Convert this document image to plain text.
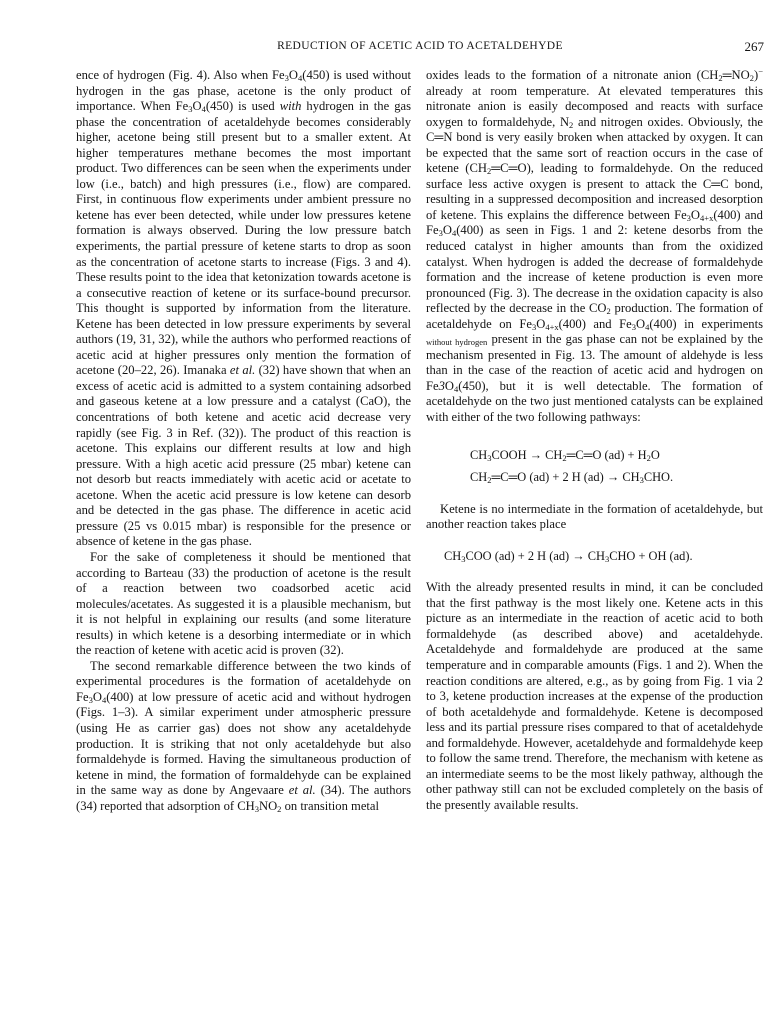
REDUCTION OF ACETIC ACID TO ACETALDEHYDE	267

ence of hydrogen (Fig. 4). Also when $Fe_3O_4(450)$ is used without hydrogen in the gas phase, acetone is the only product of importance. When $Fe_3O_4(450)$ is used with hydrogen in the gas phase the concentration of acetaldehyde becomes considerably higher, acetone being still present but to a smaller extent. At higher temperatures methane becomes the most important product. Two differences can be seen when the experiments under low (i.e., batch) and high pressures (i.e., flow) are compared. First, in continuous flow experiments under ambient pressure no ketene has ever been detected, while under low pressures ketene formation is always observed. During the low pressure batch experiments, the partial pressure of ketene starts to drop as soon as the concentration of acetone starts to increase (Figs. 3 and 4). These results point to the idea that ketonization towards acetone is a consecutive reaction of ketene or its surface-bound precursor. This thought is supported by information from the literature. Ketene has been detected in low pressure experiments by several authors (19, 31, 32), while the authors who performed reactions of acetic acid at higher pressures only mention the formation of acetone (20–22, 26). Imanaka et al. (32) have shown that when an excess of acetic acid is admitted to a system containing adsorbed and gaseous ketene at a low pressure and a catalyst (CaO), the concentrations of both ketene and acetic acid decrease very rapidly (see Fig. 3 in Ref. (32)). The product of this reaction is acetone. This explains our different results at low and high pressure. With a high acetic acid pressure (25 mbar) ketene can not desorb but reacts immediately with acetic acid or acetate to acetone. When the acetic acid pressure is low ketene can desorb and be detected in the gas phase. The difference in acetic acid pressure (25 vs 0.015 mbar) is responsible for the presence or absence of ketene in the gas phase.

For the sake of completeness it should be mentioned that according to Barteau (33) the production of acetone is the result of a reaction between two coadsorbed acetic acid molecules/acetates. As suggested it is a plausible mechanism, but it is not helpful in explaining our results (and some literature results) in which ketene is a desorbing intermediate or in which the reaction of ketene with acetic acid is proven (32).

The second remarkable difference between the two kinds of experimental procedures is the formation of acetaldehyde on $Fe_3O_4(400)$ at low pressure of acetic acid and without hydrogen (Figs. 1–3). A similar experiment under atmospheric pressure (using He as carrier gas) does not show any acetaldehyde production. It is striking that not only acetaldehyde but also formaldehyde is formed. Having the simultaneous production of ketene in mind, the formation of formaldehyde can be explained in the same way as done by Angevaare et al. (34). The authors (34) reported that adsorption of $CH_3NO_2$ on transition metal

oxides leads to the formation of a nitronate anion $(CH_2═NO_2)^-$ already at room temperature. At elevated temperatures this nitronate anion is easily decomposed and reacts with surface oxygen to formaldehyde, $N_2$ and nitrogen oxides. Obviously, the C═N bond is very easily broken when attacked by oxygen. It can be expected that the same sort of reaction occurs in the case of ketene $(CH_2═C═O)$, leading to formaldehyde. On the reduced surface less active oxygen is present to attack the C═C bond, resulting in a suppressed decomposition and increased desorption of ketene. This explains the difference between $Fe_3O_{4+x}(400)$ and $Fe_3O_4(400)$ as seen in Figs. 1 and 2: ketene desorbs from the reduced catalyst in higher amounts than from the oxidized catalyst. When hydrogen is added the decrease of formaldehyde formation and the increase of ketene production is even more pronounced (Fig. 3). The decrease in the oxidation capacity is also reflected by the decrease in the $CO_2$ production. The formation of acetaldehyde on $Fe_3O_{4+x}(400)$ and $Fe_3O_4(400)$ in experiments $_{without hydrogen}$ present in the gas phase can not be explained by the mechanism presented in Fig. 13. The amount of aldehyde is less than in the case of the reaction of acetic acid and hydrogen on $Fe3O_4(450)$, but it is well detectable. The formation of acetaldehyde on the two just mentioned catalysts can be explained with either of the two following pathways:

$CH_3COOH$ → $CH_2═C═O$ $(ad) + H_2O$
$CH_2═C═O$ (ad) + 2 H $(ad) \to CH_3CHO$.

Ketene is no intermediate in the formation of acetaldehyde, but another reaction takes place

$CH_3COO$ (ad) + 2 H $(ad) \to CH_3CHO$ + OH (ad).

With the already presented results in mind, it can be concluded that the first pathway is the most likely one. Ketene acts in this picture as an intermediate in the reaction of acetic acid to both formaldehyde (as described above) and acetaldehyde. Acetaldehyde and formaldehyde are produced at the same temperature and in comparable amounts (Figs. 1 and 2). When the reaction conditions are altered, e.g., as by going from Fig. 1 via 2 to 3, ketene production increases at the expense of the production of both acetaldehyde and formaldehyde. Ketene is decomposed less and its partial pressure rises compared to that of acetaldehyde and formaldehyde. However, acetaldehyde and formaldehyde keep to follow the same trend. Therefore, the mechanism with ketene as an intermediate seems to be the most likely pathway, although the other pathway still can not be excluded completely on the basis of the presently available results.
